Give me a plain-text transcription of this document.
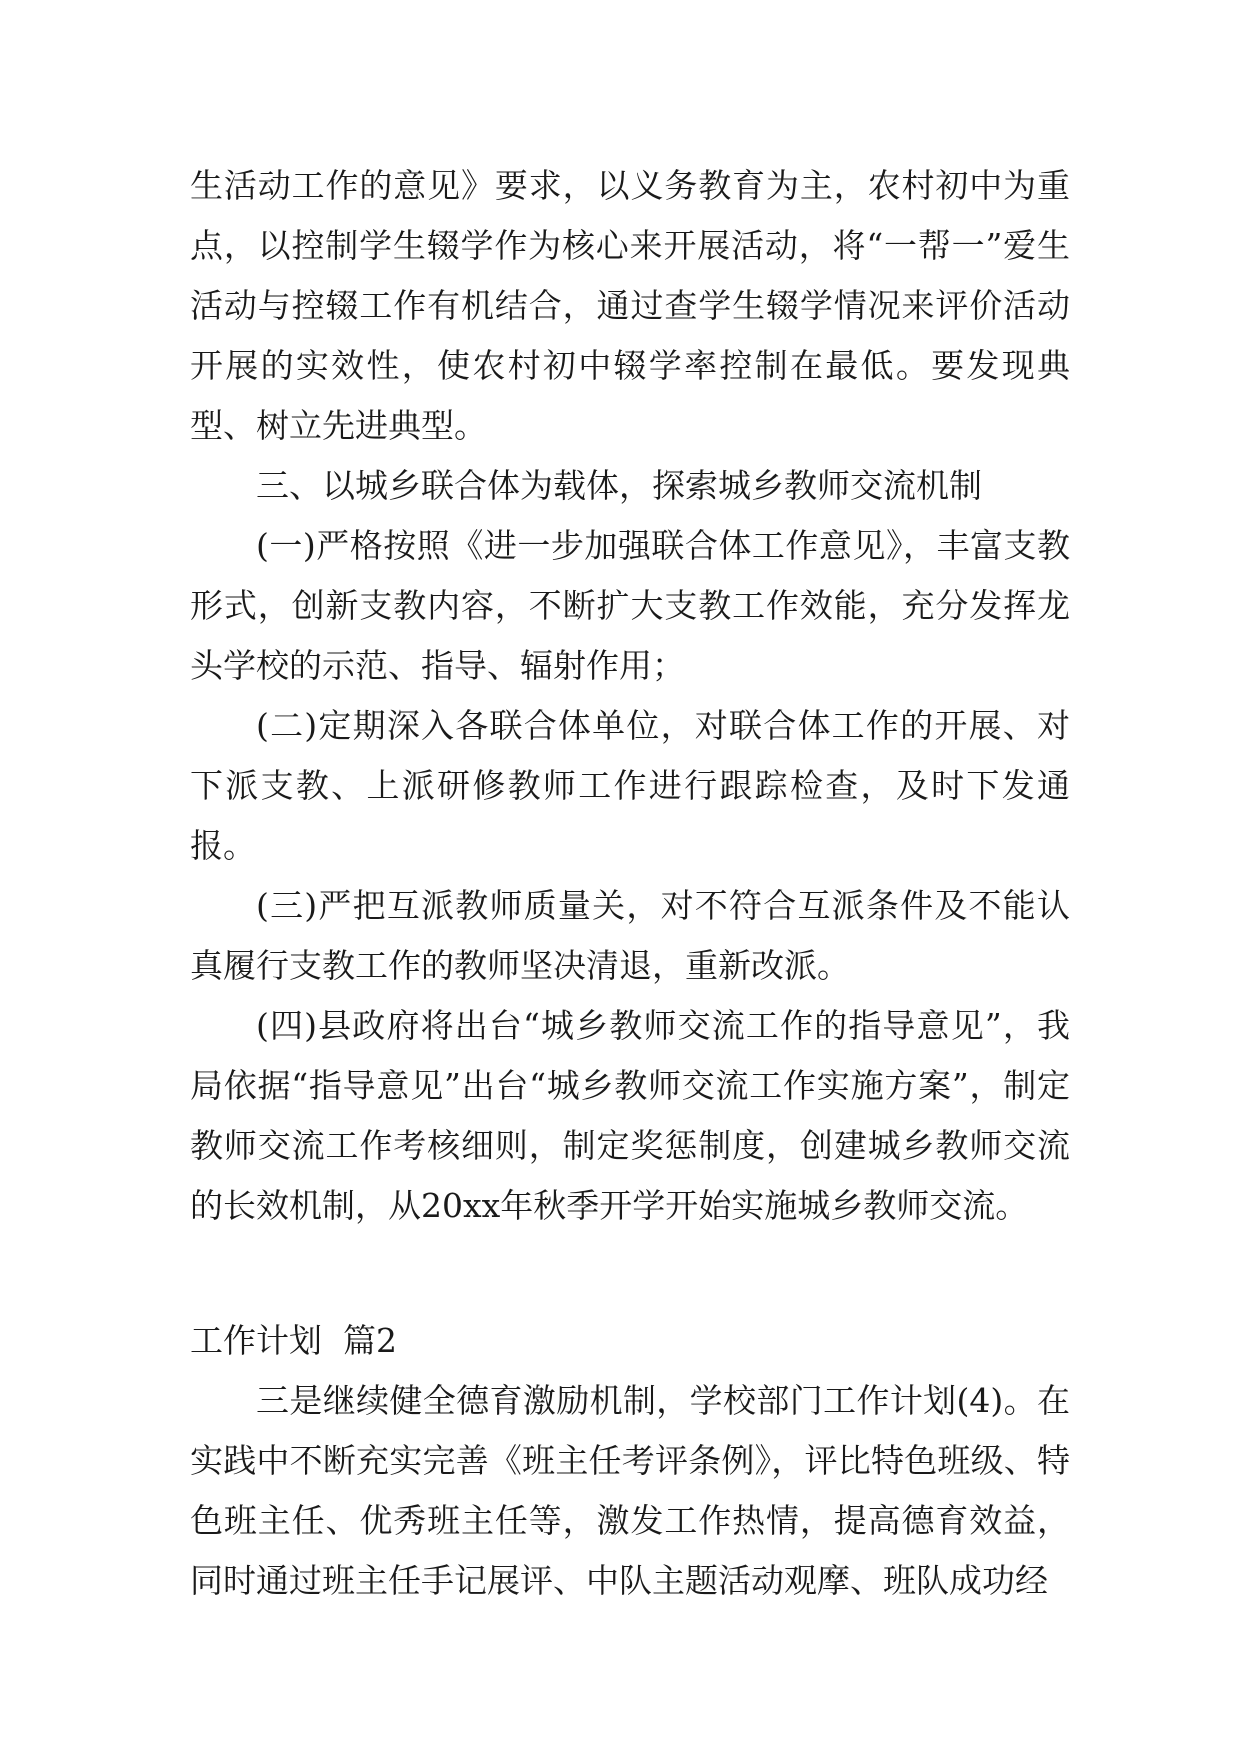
生活动工作的意见》要求，以义务教育为主，农村初中为重点，以控制学生辍学作为核心来开展活动，将“一帮一”爱生活动与控辍工作有机结合，通过查学生辍学情况来评价活动开展的实效性，使农村初中辍学率控制在最低。要发现典型、树立先进典型。

三、以城乡联合体为载体，探索城乡教师交流机制

(一)严格按照《进一步加强联合体工作意见》，丰富支教形式，创新支教内容，不断扩大支教工作效能，充分发挥龙头学校的示范、指导、辐射作用；

(二)定期深入各联合体单位，对联合体工作的开展、对下派支教、上派研修教师工作进行跟踪检查，及时下发通报。

(三)严把互派教师质量关，对不符合互派条件及不能认真履行支教工作的教师坚决清退，重新改派。

(四)县政府将出台“城乡教师交流工作的指导意见”，我局依据“指导意见”出台“城乡教师交流工作实施方案”，制定教师交流工作考核细则，制定奖惩制度，创建城乡教师交流的长效机制，从20xx年秋季开学开始实施城乡教师交流。

工作计划  篇2

三是继续健全德育激励机制，学校部门工作计划(4)。在实践中不断充实完善《班主任考评条例》，评比特色班级、特色班主任、优秀班主任等，激发工作热情，提高德育效益，同时通过班主任手记展评、中队主题活动观摩、班队成功经
